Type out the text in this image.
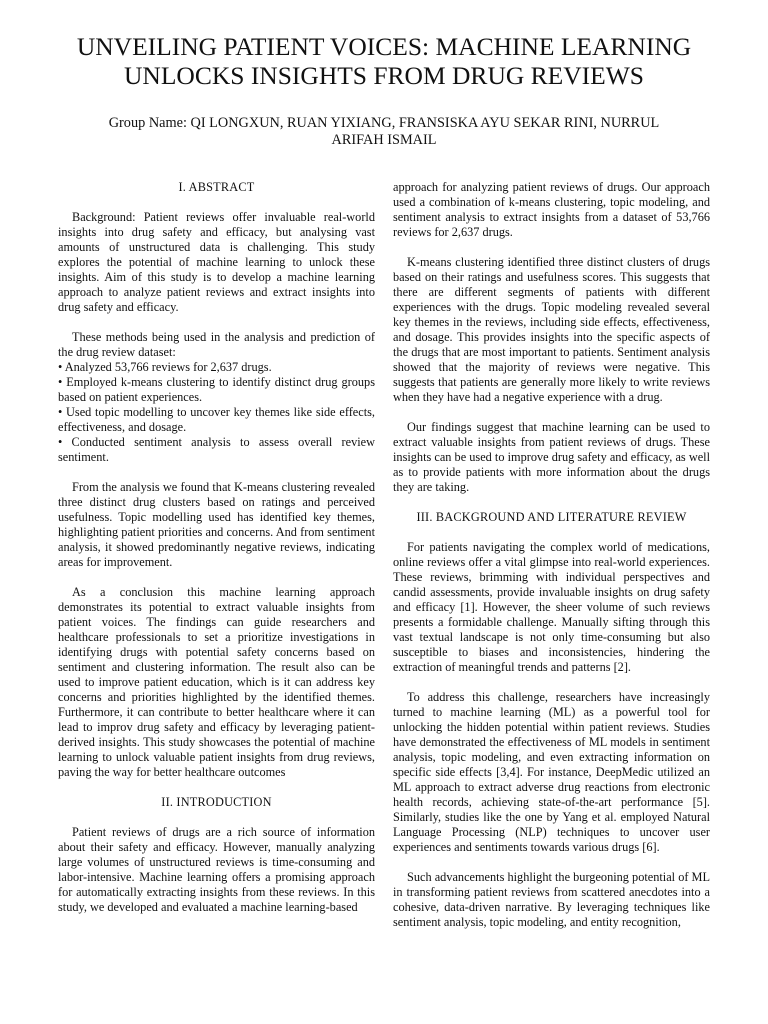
UNVEILING PATIENT VOICES: MACHINE LEARNING UNLOCKS INSIGHTS FROM DRUG REVIEWS
Group Name: QI LONGXUN, RUAN YIXIANG, FRANSISKA AYU SEKAR RINI, NURRUL ARIFAH ISMAIL
I. ABSTRACT

Background: Patient reviews offer invaluable real-world insights into drug safety and efficacy, but analysing vast amounts of unstructured data is challenging. This study explores the potential of machine learning to unlock these insights. Aim of this study is to develop a machine learning approach to analyze patient reviews and extract insights into drug safety and efficacy.

These methods being used in the analysis and prediction of the drug review dataset:

• Analyzed 53,766 reviews for 2,637 drugs.
• Employed k-means clustering to identify distinct drug groups based on patient experiences.
• Used topic modelling to uncover key themes like side effects, effectiveness, and dosage.
• Conducted sentiment analysis to assess overall review sentiment.

From the analysis we found that K-means clustering revealed three distinct drug clusters based on ratings and perceived usefulness. Topic modelling used has identified key themes, highlighting patient priorities and concerns. And from sentiment analysis, it showed predominantly negative reviews, indicating areas for improvement.

As a conclusion this machine learning approach demonstrates its potential to extract valuable insights from patient voices. The findings can guide researchers and healthcare professionals to set a prioritize investigations in identifying drugs with potential safety concerns based on sentiment and clustering information. The result also can be used to improve patient education, which is it can address key concerns and priorities highlighted by the identified themes. Furthermore, it can contribute to better healthcare where it can lead to improv drug safety and efficacy by leveraging patient-derived insights. This study showcases the potential of machine learning to unlock valuable patient insights from drug reviews, paving the way for better healthcare outcomes

II. INTRODUCTION

Patient reviews of drugs are a rich source of information about their safety and efficacy. However, manually analyzing large volumes of unstructured reviews is time-consuming and labor-intensive. Machine learning offers a promising approach for automatically extracting insights from these reviews. In this study, we developed and evaluated a machine learning-based

approach for analyzing patient reviews of drugs. Our approach used a combination of k-means clustering, topic modeling, and sentiment analysis to extract insights from a dataset of 53,766 reviews for 2,637 drugs.

K-means clustering identified three distinct clusters of drugs based on their ratings and usefulness scores. This suggests that there are different segments of patients with different experiences with the drugs. Topic modeling revealed several key themes in the reviews, including side effects, effectiveness, and dosage. This provides insights into the specific aspects of the drugs that are most important to patients. Sentiment analysis showed that the majority of reviews were negative. This suggests that patients are generally more likely to write reviews when they have had a negative experience with a drug.

Our findings suggest that machine learning can be used to extract valuable insights from patient reviews of drugs. These insights can be used to improve drug safety and efficacy, as well as to provide patients with more information about the drugs they are taking.

III. BACKGROUND AND LITERATURE REVIEW

For patients navigating the complex world of medications, online reviews offer a vital glimpse into real-world experiences. These reviews, brimming with individual perspectives and candid assessments, provide invaluable insights on drug safety and efficacy [1]. However, the sheer volume of such reviews presents a formidable challenge. Manually sifting through this vast textual landscape is not only time-consuming but also susceptible to biases and inconsistencies, hindering the extraction of meaningful trends and patterns [2].

To address this challenge, researchers have increasingly turned to machine learning (ML) as a powerful tool for unlocking the hidden potential within patient reviews. Studies have demonstrated the effectiveness of ML models in sentiment analysis, topic modeling, and even extracting information on specific side effects [3,4]. For instance, DeepMedic utilized an ML approach to extract adverse drug reactions from electronic health records, achieving state-of-the-art performance [5]. Similarly, studies like the one by Yang et al. employed Natural Language Processing (NLP) techniques to uncover user experiences and sentiments towards various drugs [6].

Such advancements highlight the burgeoning potential of ML in transforming patient reviews from scattered anecdotes into a cohesive, data-driven narrative. By leveraging techniques like sentiment analysis, topic modeling, and entity recognition,
